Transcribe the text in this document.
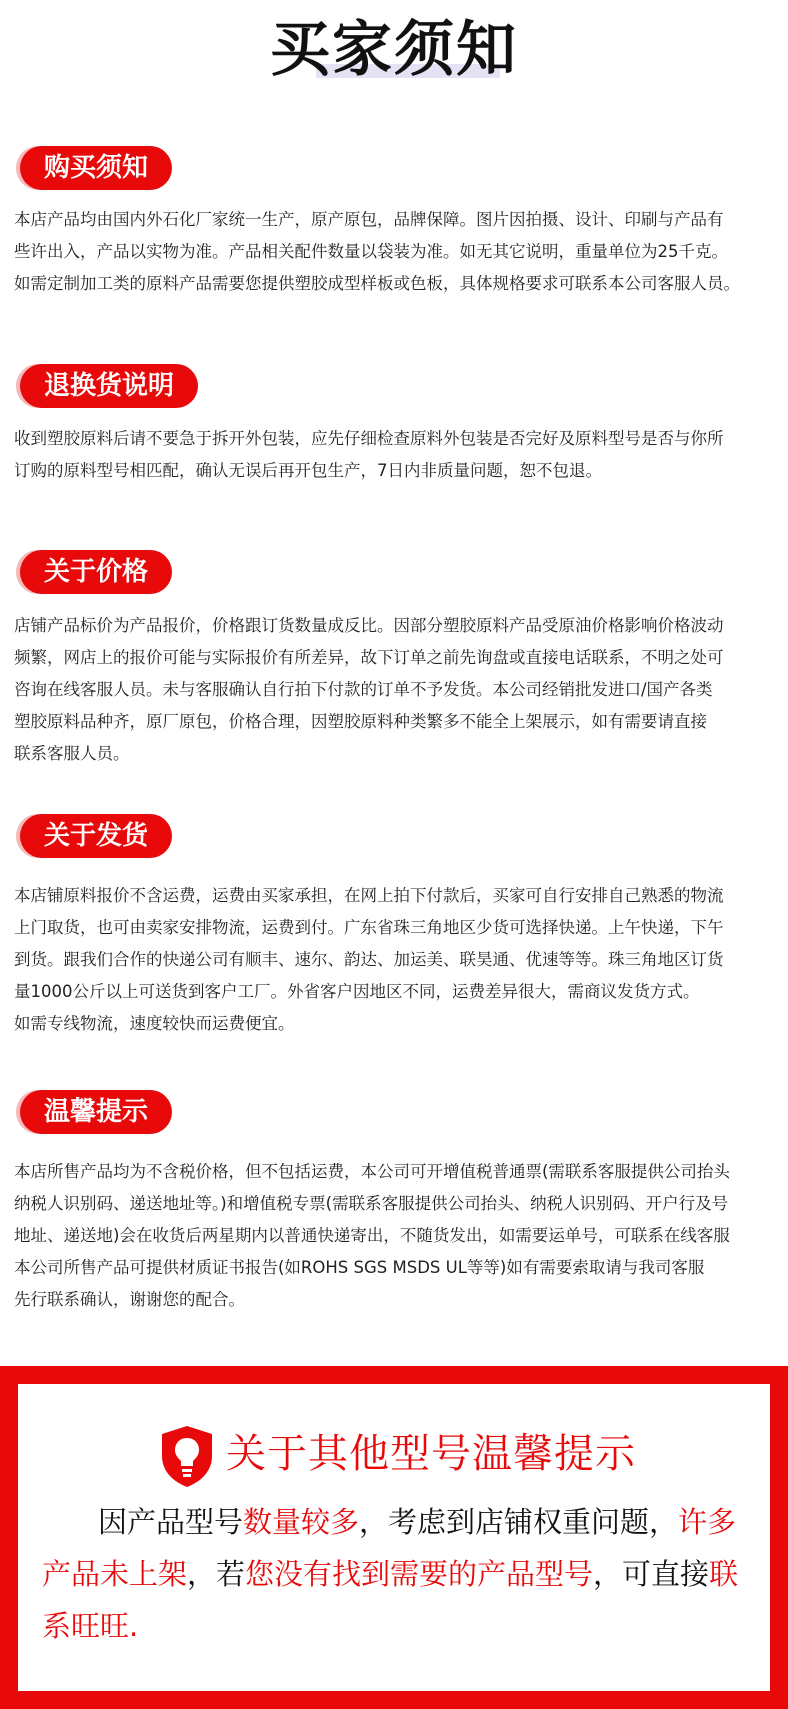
买家须知
购买须知

本店产品均由国内外石化厂家统一生产，原产原包，品牌保障。图片因拍摄、设计、印刷与产品有

些许出入，产品以实物为准。产品相关配件数量以袋装为准。如无其它说明，重量单位为25千克。

如需定制加工类的原料产品需要您提供塑胶成型样板或色板，具体规格要求可联系本公司客服人员。

退换货说明

收到塑胶原料后请不要急于拆开外包装，应先仔细检查原料外包装是否完好及原料型号是否与你所

订购的原料型号相匹配，确认无误后再开包生产，7日内非质量问题，恕不包退。

关于价格

店铺产品标价为产品报价，价格跟订货数量成反比。因部分塑胶原料产品受原油价格影响价格波动

频繁，网店上的报价可能与实际报价有所差异，故下订单之前先询盘或直接电话联系，不明之处可

咨询在线客服人员。未与客服确认自行拍下付款的订单不予发货。本公司经销批发进口/国产各类

塑胶原料品种齐，原厂原包，价格合理，因塑胶原料种类繁多不能全上架展示，如有需要请直接

联系客服人员。

关于发货

本店铺原料报价不含运费，运费由买家承担，在网上拍下付款后，买家可自行安排自己熟悉的物流

上门取货，也可由卖家安排物流，运费到付。广东省珠三角地区少货可选择快递。上午快递，下午

到货。跟我们合作的快递公司有顺丰、速尔、韵达、加运美、联昊通、优速等等。珠三角地区订货

量1000公斤以上可送货到客户工厂。外省客户因地区不同，运费差异很大，需商议发货方式。

如需专线物流，速度较快而运费便宜。

温馨提示

本店所售产品均为不含税价格，但不包括运费，本公司可开增值税普通票(需联系客服提供公司抬头

纳税人识别码、递送地址等。)和增值税专票(需联系客服提供公司抬头、纳税人识别码、开户行及号

地址、递送地)会在收货后两星期内以普通快递寄出，不随货发出，如需要运单号，可联系在线客服

本公司所售产品可提供材质证书报告(如ROHS SGS MSDS UL等等)如有需要索取请与我司客服

先行联系确认，谢谢您的配合。

关于其他型号温馨提示
因产品型号数量较多，考虑到店铺权重问题，许多产品未上架，若您没有找到需要的产品型号，可直接联系旺旺.
